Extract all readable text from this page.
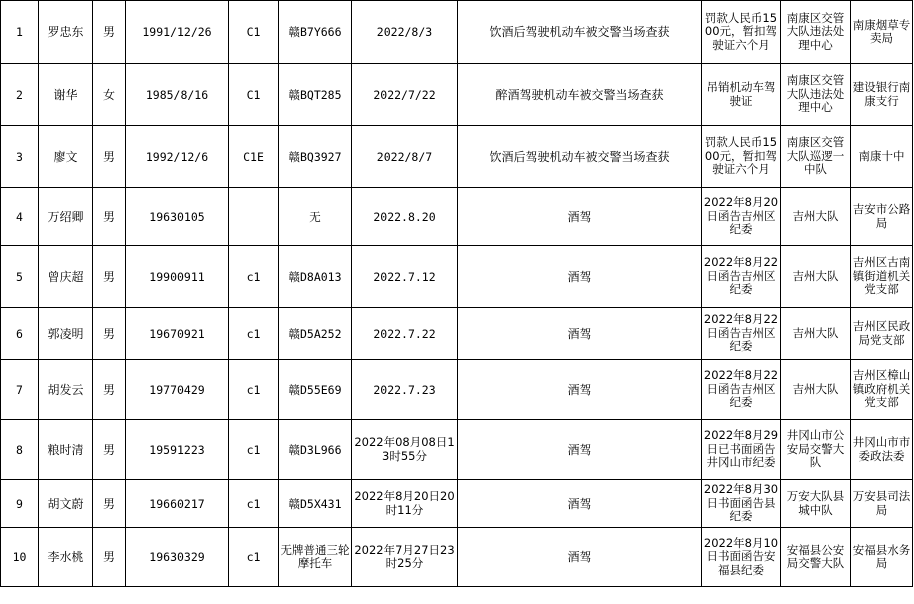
1	罗忠东	男	1991/12/26	C1	赣B7Y666	2022/8/3	饮酒后驾驶机动车被交警当场查获	罚款人民币1500元，暂扣驾驶证六个月	南康区交管大队违法处理中心	南康烟草专卖局
2	谢华	女	1985/8/16	C1	赣BQT285	2022/7/22	醉酒驾驶机动车被交警当场查获	吊销机动车驾驶证	南康区交管大队违法处理中心	建设银行南康支行
3	廖文	男	1992/12/6	C1E	赣BQ3927	2022/8/7	饮酒后驾驶机动车被交警当场查获	罚款人民币1500元，暂扣驾驶证六个月	南康区交管大队巡逻一中队	南康十中
4	万绍卿	男	19630105		无	2022.8.20	酒驾	2022年8月20日函告吉州区纪委	吉州大队	吉安市公路局
5	曾庆超	男	19900911	c1	赣D8A013	2022.7.12	酒驾	2022年8月22日函告吉州区纪委	吉州大队	吉州区古南镇街道机关党支部
6	郭凌明	男	19670921	c1	赣D5A252	2022.7.22	酒驾	2022年8月22日函告吉州区纪委	吉州大队	吉州区民政局党支部
7	胡发云	男	19770429	c1	赣D55E69	2022.7.23	酒驾	2022年8月22日函告吉州区纪委	吉州大队	吉州区樟山镇政府机关党支部
8	粮时清	男	19591223	c1	赣D3L966	2022年08月08日13时55分	酒驾	2022年8月29日已书面函告井冈山市纪委	井冈山市公安局交警大队	井冈山市市委政法委
9	胡文蔚	男	19660217	c1	赣D5X431	2022年8月20日20时11分	酒驾	2022年8月30日书面函告县纪委	万安大队县城中队	万安县司法局
10	李水桃	男	19630329	c1	无牌普通三轮摩托车	2022年7月27日23时25分	酒驾	2022年8月10日书面函告安福县纪委	安福县公安局交警大队	安福县水务局
